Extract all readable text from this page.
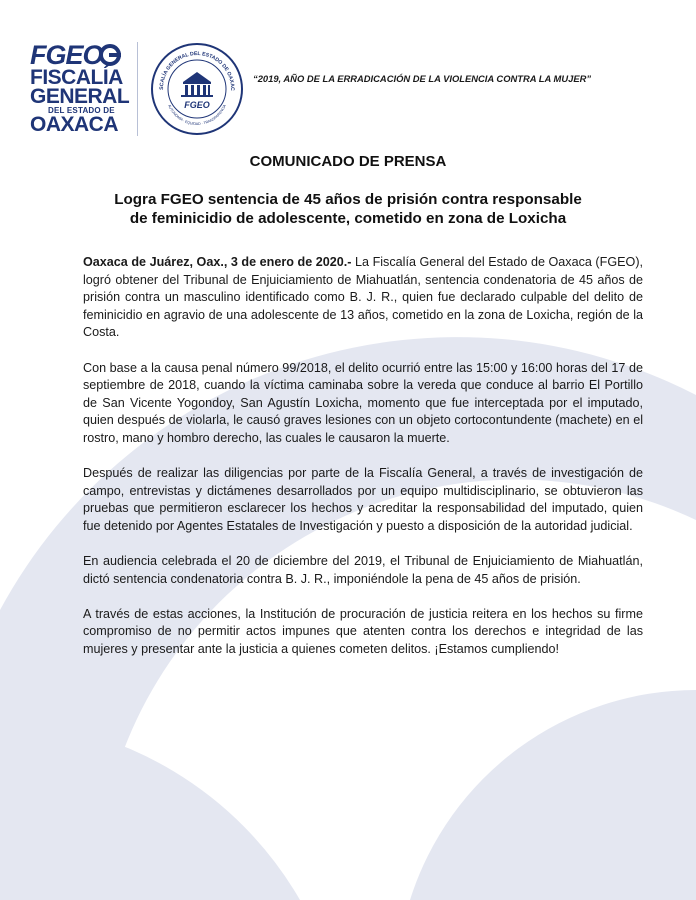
FGEO
FISCALÍA
GENERAL
DEL ESTADO DE
OAXACA
SCALÍA GENERAL DEL ESTADO DE OAXAC
AUTONOMÍA · EQUIDAD · TRANSPARENCIA
FGEO
“2019, AÑO DE LA ERRADICACIÓN DE LA VIOLENCIA CONTRA LA MUJER”
COMUNICADO DE PRENSA
Logra FGEO sentencia de 45 años de prisión contra responsable
de feminicidio de adolescente, cometido en zona de Loxicha

Oaxaca de Juárez, Oax., 3 de enero de 2020.- La Fiscalía General del Estado de Oaxaca (FGEO), logró obtener del Tribunal de Enjuiciamiento de Miahuatlán, sentencia condenatoria de 45 años de prisión contra un masculino identificado como B. J. R., quien fue declarado culpable del delito de feminicidio en agravio de una adolescente de 13 años, cometido en la zona de Loxicha, región de la Costa.

Con base a la causa penal número 99/2018, el delito ocurrió entre las 15:00 y 16:00 horas del 17 de septiembre de 2018, cuando la víctima caminaba sobre la vereda que conduce al barrio El Portillo de San Vicente Yogondoy, San Agustín Loxicha, momento que fue interceptada por el imputado, quien después de violarla, le causó graves lesiones con un objeto cortocontundente (machete) en el rostro, mano y hombro derecho, las cuales le causaron la muerte.

Después de realizar las diligencias por parte de la Fiscalía General, a través de investigación de campo, entrevistas y dictámenes desarrollados por un equipo multidisciplinario, se obtuvieron las pruebas que permitieron esclarecer los hechos y acreditar la responsabilidad del imputado, quien fue detenido por Agentes Estatales de Investigación y puesto a disposición de la autoridad judicial.

En audiencia celebrada el 20 de diciembre del 2019, el Tribunal de Enjuiciamiento de Miahuatlán, dictó sentencia condenatoria contra B. J. R., imponiéndole la pena de 45 años de prisión.

A través de estas acciones, la Institución de procuración de justicia reitera en los hechos su firme compromiso de no permitir actos impunes que atenten contra los derechos e integridad de las mujeres y presentar ante la justicia a quienes cometen delitos. ¡Estamos cumpliendo!
